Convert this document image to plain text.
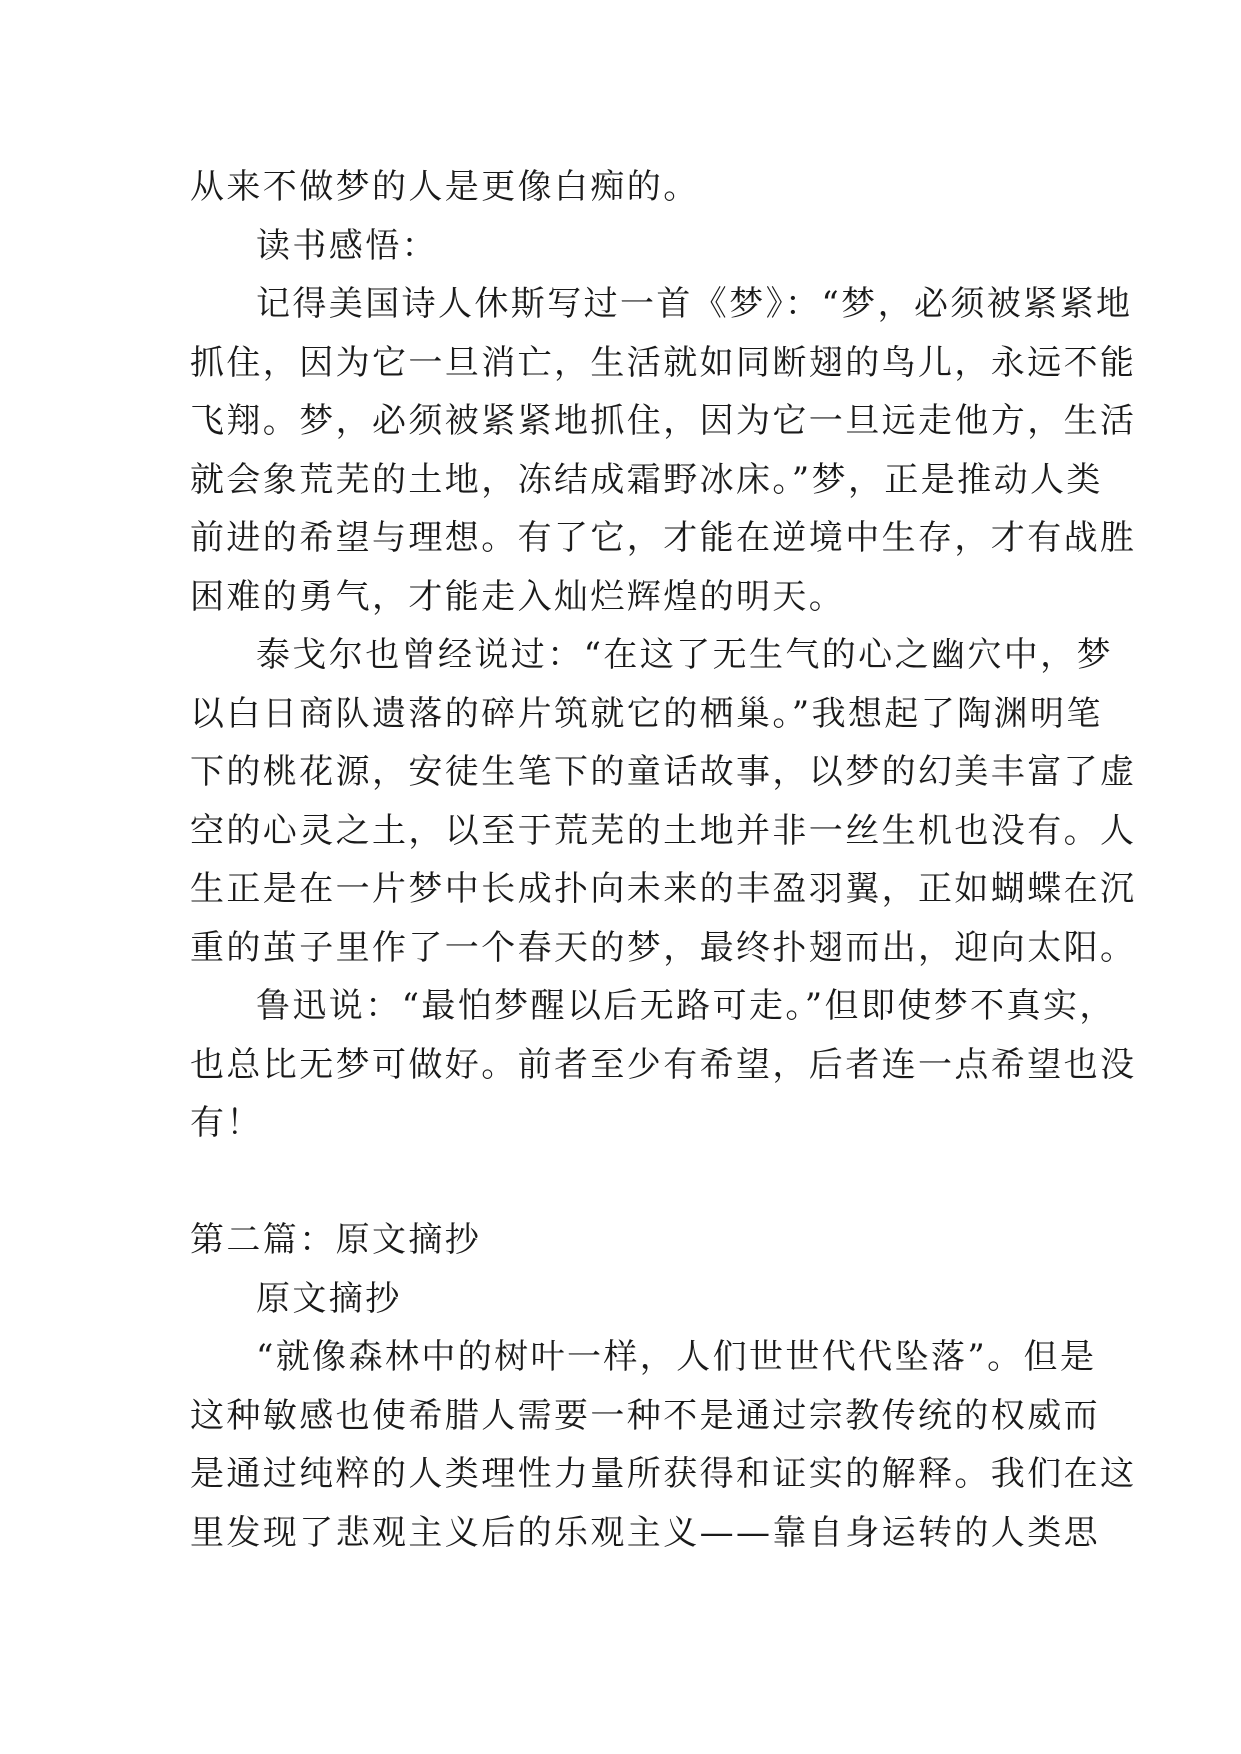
从来不做梦的人是更像白痴的。
读书感悟：
记得美国诗人休斯写过一首《梦》：“梦，必须被紧紧地
抓住，因为它一旦消亡，生活就如同断翅的鸟儿，永远不能
飞翔。梦，必须被紧紧地抓住，因为它一旦远走他方，生活
就会象荒芜的土地，冻结成霜野冰床。”梦，正是推动人类
前进的希望与理想。有了它，才能在逆境中生存，才有战胜
困难的勇气，才能走入灿烂辉煌的明天。
泰戈尔也曾经说过：“在这了无生气的心之幽穴中，梦
以白日商队遗落的碎片筑就它的栖巢。”我想起了陶渊明笔
下的桃花源，安徒生笔下的童话故事，以梦的幻美丰富了虚
空的心灵之土，以至于荒芜的土地并非一丝生机也没有。人
生正是在一片梦中长成扑向未来的丰盈羽翼，正如蝴蝶在沉
重的茧子里作了一个春天的梦，最终扑翅而出，迎向太阳。
鲁迅说：“最怕梦醒以后无路可走。”但即使梦不真实，
也总比无梦可做好。前者至少有希望，后者连一点希望也没
有！
第二篇：原文摘抄
原文摘抄
“就像森林中的树叶一样，人们世世代代坠落”。但是
这种敏感也使希腊人需要一种不是通过宗教传统的权威而
是通过纯粹的人类理性力量所获得和证实的解释。我们在这
里发现了悲观主义后的乐观主义——靠自身运转的人类思
